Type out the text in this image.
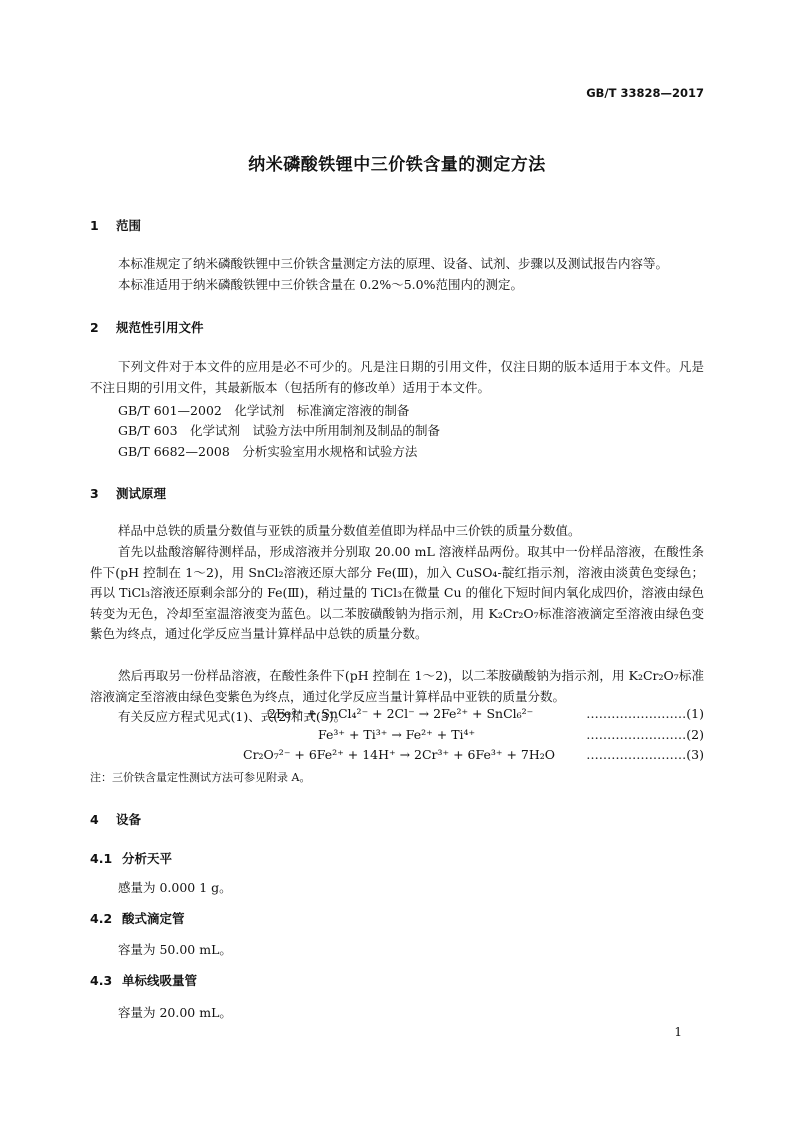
GB/T 33828—2017
纳米磷酸铁锂中三价铁含量的测定方法
1 范围
本标准规定了纳米磷酸铁锂中三价铁含量测定方法的原理、设备、试剂、步骤以及测试报告内容等。
本标准适用于纳米磷酸铁锂中三价铁含量在 0.2%～5.0%范围内的测定。
2 规范性引用文件
下列文件对于本文件的应用是必不可少的。凡是注日期的引用文件，仅注日期的版本适用于本文件。凡是不注日期的引用文件，其最新版本（包括所有的修改单）适用于本文件。
GB/T 601—2002　化学试剂　标准滴定溶液的制备
GB/T 603　化学试剂　试验方法中所用制剂及制品的制备
GB/T 6682—2008　分析实验室用水规格和试验方法
3 测试原理
样品中总铁的质量分数值与亚铁的质量分数值差值即为样品中三价铁的质量分数值。
首先以盐酸溶解待测样品，形成溶液并分别取 20.00 mL 溶液样品两份。取其中一份样品溶液，在酸性条件下(pH 控制在 1～2)，用 SnCl₂溶液还原大部分 Fe(Ⅲ)，加入 CuSO₄-靛红指示剂，溶液由淡黄色变绿色；再以 TiCl₃溶液还原剩余部分的 Fe(Ⅲ)，稍过量的 TiCl₃在微量 Cu 的催化下短时间内氧化成四价，溶液由绿色转变为无色，冷却至室温溶液变为蓝色。以二苯胺磺酸钠为指示剂，用 K₂Cr₂O₇标准溶液滴定至溶液由绿色变紫色为终点，通过化学反应当量计算样品中总铁的质量分数。
然后再取另一份样品溶液，在酸性条件下(pH 控制在 1～2)，以二苯胺磺酸钠为指示剂，用 K₂Cr₂O₇标准溶液滴定至溶液由绿色变紫色为终点，通过化学反应当量计算样品中亚铁的质量分数。
有关反应方程式见式(1)、式(2)和式(3)。
2Fe³⁺ + SnCl₄²⁻ + 2Cl⁻ → 2Fe²⁺ + SnCl₆²⁻	……………………(1)
Fe³⁺ + Ti³⁺ → Fe²⁺ + Ti⁴⁺	……………………(2)
Cr₂O₇²⁻ + 6Fe²⁺ + 14H⁺ → 2Cr³⁺ + 6Fe³⁺ + 7H₂O ……………………(3)
注：三价铁含量定性测试方法可参见附录 A。
4 设备
4.1 分析天平
感量为 0.000 1 g。
4.2 酸式滴定管
容量为 50.00 mL。
4.3 单标线吸量管
容量为 20.00 mL。
1
